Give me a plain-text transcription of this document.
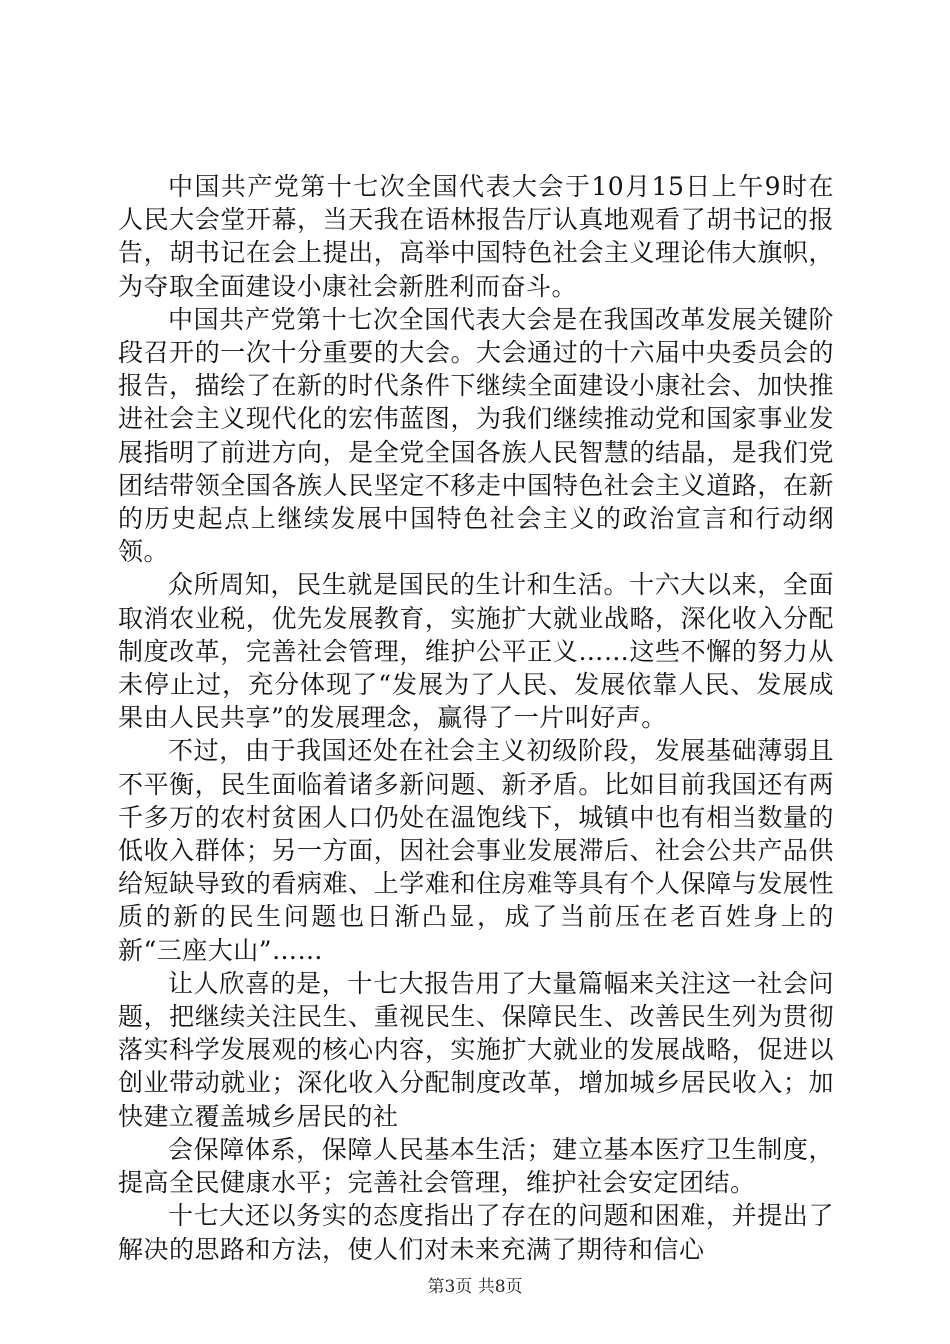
中国共产党第十七次全国代表大会于10月15日上午9时在人民大会堂开幕，当天我在语林报告厅认真地观看了胡书记的报告，胡书记在会上提出，高举中国特色社会主义理论伟大旗帜，为夺取全面建设小康社会新胜利而奋斗。

中国共产党第十七次全国代表大会是在我国改革发展关键阶段召开的一次十分重要的大会。大会通过的十六届中央委员会的报告，描绘了在新的时代条件下继续全面建设小康社会、加快推进社会主义现代化的宏伟蓝图，为我们继续推动党和国家事业发展指明了前进方向，是全党全国各族人民智慧的结晶，是我们党团结带领全国各族人民坚定不移走中国特色社会主义道路，在新的历史起点上继续发展中国特色社会主义的政治宣言和行动纲领。

众所周知，民生就是国民的生计和生活。十六大以来，全面取消农业税，优先发展教育，实施扩大就业战略，深化收入分配制度改革，完善社会管理，维护公平正义……这些不懈的努力从未停止过，充分体现了“发展为了人民、发展依靠人民、发展成果由人民共享”的发展理念，赢得了一片叫好声。

不过，由于我国还处在社会主义初级阶段，发展基础薄弱且不平衡，民生面临着诸多新问题、新矛盾。比如目前我国还有两千多万的农村贫困人口仍处在温饱线下，城镇中也有相当数量的低收入群体；另一方面，因社会事业发展滞后、社会公共产品供给短缺导致的看病难、上学难和住房难等具有个人保障与发展性质的新的民生问题也日渐凸显，成了当前压在老百姓身上的新“三座大山”……

让人欣喜的是，十七大报告用了大量篇幅来关注这一社会问题，把继续关注民生、重视民生、保障民生、改善民生列为贯彻落实科学发展观的核心内容，实施扩大就业的发展战略，促进以创业带动就业；深化收入分配制度改革，增加城乡居民收入；加快建立覆盖城乡居民的社

会保障体系，保障人民基本生活；建立基本医疗卫生制度，提高全民健康水平；完善社会管理，维护社会安定团结。

十七大还以务实的态度指出了存在的问题和困难，并提出了解决的思路和方法，使人们对未来充满了期待和信心

第3页 共8页
